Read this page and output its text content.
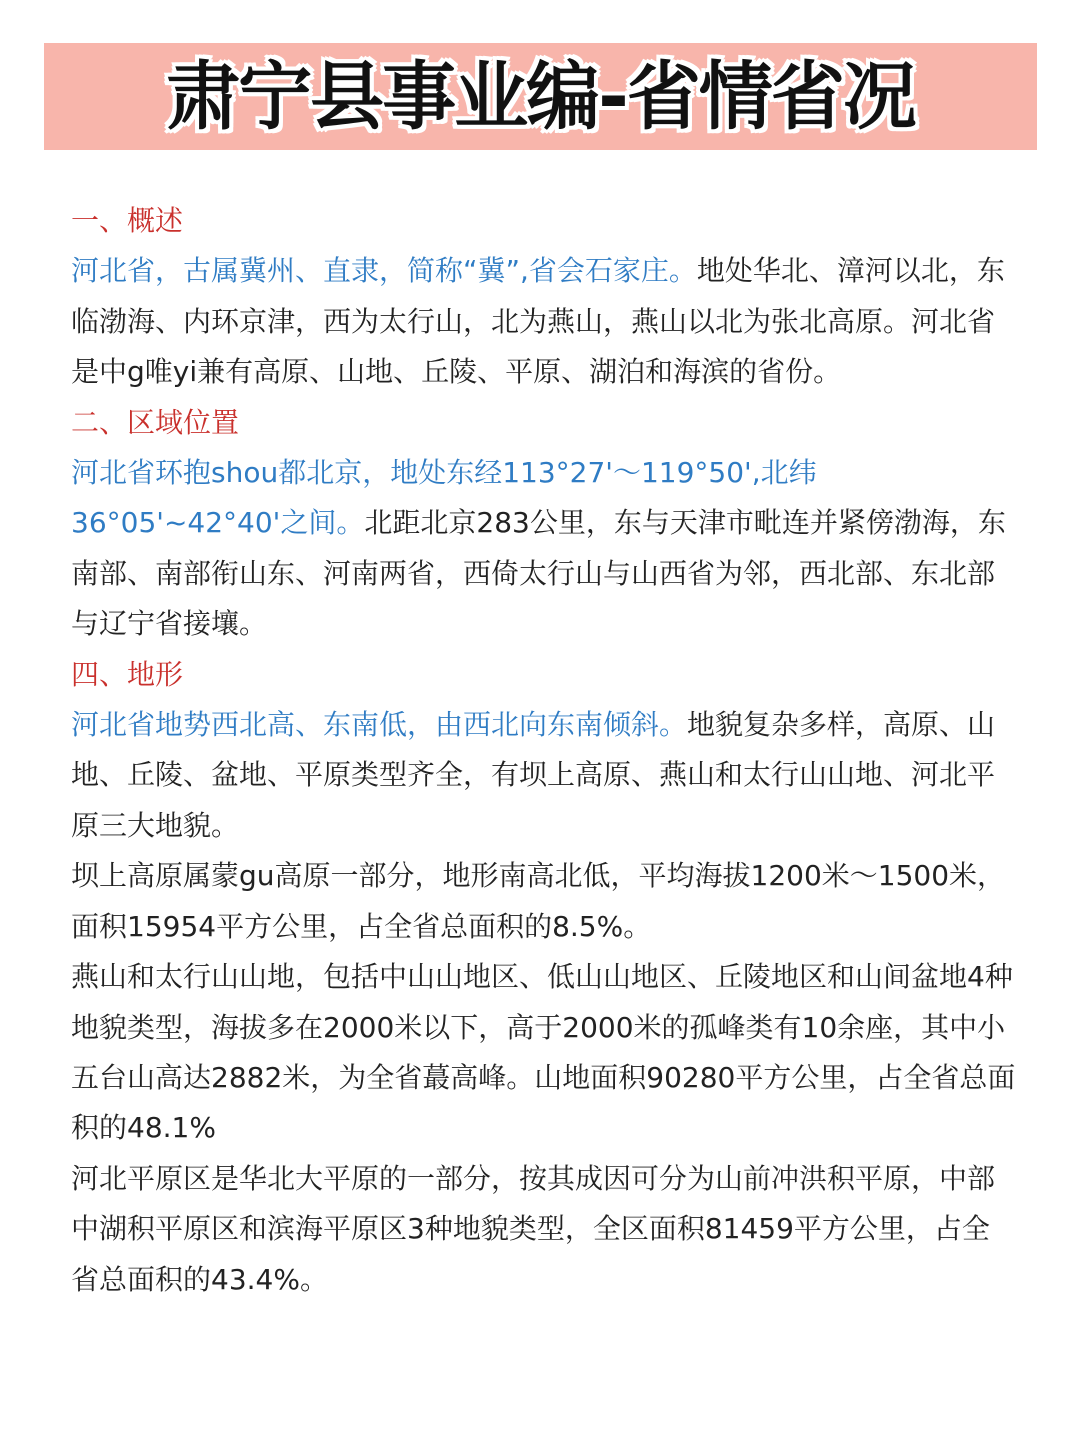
肃宁县事业编-省情省况

一、概述

河北省，古属冀州、直隶，简称“冀”,省会石家庄。地处华北、漳河以北，东临渤海、内环京津，西为太行山，北为燕山，燕山以北为张北高原。河北省是中g唯yi兼有高原、山地、丘陵、平原、湖泊和海滨的省份。

二、区域位置

河北省环抱shou都北京，地处东经113°27'～119°50',北纬36°05'~42°40'之间。北距北京283公里，东与天津市毗连并紧傍渤海，东南部、南部衔山东、河南两省，西倚太行山与山西省为邻，西北部、东北部与辽宁省接壤。

四、地形

河北省地势西北高、东南低，由西北向东南倾斜。地貌复杂多样，高原、山地、丘陵、盆地、平原类型齐全，有坝上高原、燕山和太行山山地、河北平原三大地貌。

坝上高原属蒙gu高原一部分，地形南高北低，平均海拔1200米～1500米，面积15954平方公里，占全省总面积的8.5%。

燕山和太行山山地，包括中山山地区、低山山地区、丘陵地区和山间盆地4种地貌类型，海拔多在2000米以下，高于2000米的孤峰类有10余座，其中小五台山高达2882米，为全省蕞高峰。山地面积90280平方公里，占全省总面积的48.1%

河北平原区是华北大平原的一部分，按其成因可分为山前冲洪积平原，中部中湖积平原区和滨海平原区3种地貌类型，全区面积81459平方公里，占全省总面积的43.4%。
